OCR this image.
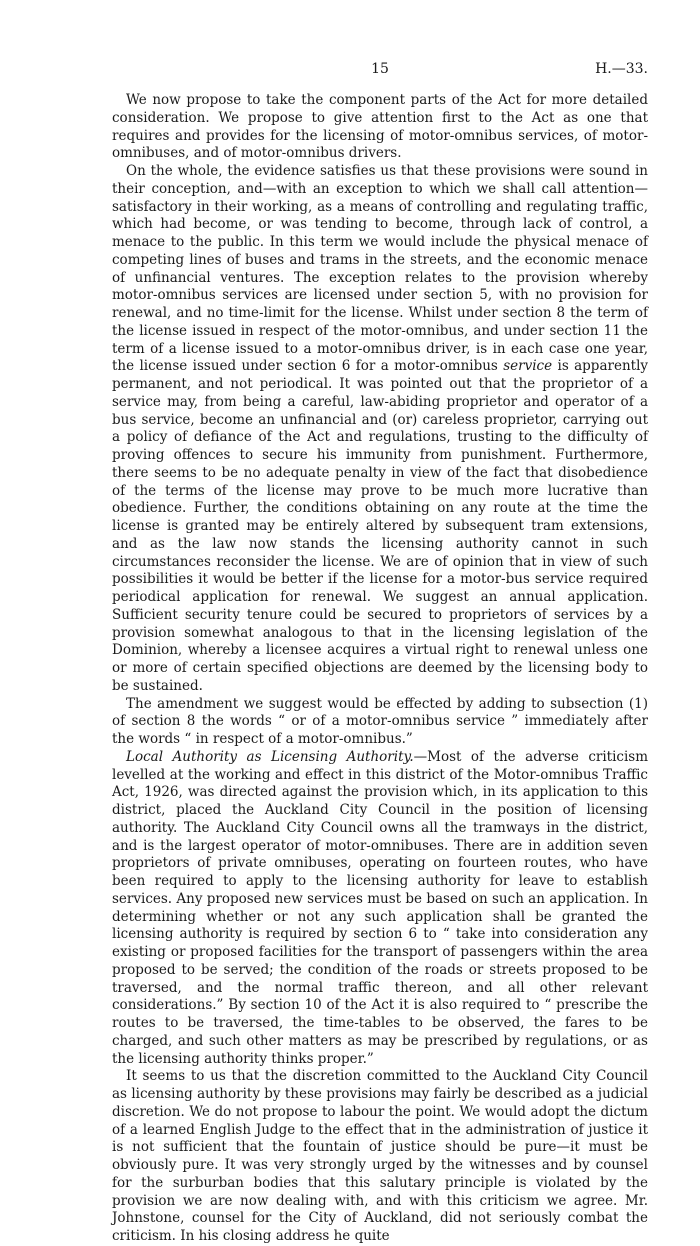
15	H.—33.

We now propose to take the component parts of the Act for more detailed consideration. We propose to give attention first to the Act as one that requires and provides for the licensing of motor-omnibus services, of motor-omnibuses, and of motor-omnibus drivers.

On the whole, the evidence satisfies us that these provisions were sound in their conception, and—with an exception to which we shall call attention—satisfactory in their working, as a means of controlling and regulating traffic, which had become, or was tending to become, through lack of control, a menace to the public. In this term we would include the physical menace of competing lines of buses and trams in the streets, and the economic menace of unfinancial ventures. The exception relates to the provision whereby motor-omnibus services are licensed under section 5, with no provision for renewal, and no time-limit for the license. Whilst under section 8 the term of the license issued in respect of the motor-omnibus, and under section 11 the term of a license issued to a motor-omnibus driver, is in each case one year, the license issued under section 6 for a motor-omnibus service is apparently permanent, and not periodical. It was pointed out that the proprietor of a service may, from being a careful, law-abiding proprietor and operator of a bus service, become an unfinancial and (or) careless proprietor, carrying out a policy of defiance of the Act and regulations, trusting to the difficulty of proving offences to secure his immunity from punishment. Furthermore, there seems to be no adequate penalty in view of the fact that disobedience of the terms of the license may prove to be much more lucrative than obedience. Further, the conditions obtaining on any route at the time the license is granted may be entirely altered by subsequent tram extensions, and as the law now stands the licensing authority cannot in such circumstances reconsider the license. We are of opinion that in view of such possibilities it would be better if the license for a motor-bus service required periodical application for renewal. We suggest an annual application. Sufficient security tenure could be secured to proprietors of services by a provision somewhat analogous to that in the licensing legislation of the Dominion, whereby a licensee acquires a virtual right to renewal unless one or more of certain specified objections are deemed by the licensing body to be sustained.

The amendment we suggest would be effected by adding to subsection (1) of section 8 the words “ or of a motor-omnibus service ” immediately after the words “ in respect of a motor-omnibus.”

Local Authority as Licensing Authority.—Most of the adverse criticism levelled at the working and effect in this district of the Motor-omnibus Traffic Act, 1926, was directed against the provision which, in its application to this district, placed the Auckland City Council in the position of licensing authority. The Auckland City Council owns all the tramways in the district, and is the largest operator of motor-omnibuses. There are in addition seven proprietors of private omnibuses, operating on fourteen routes, who have been required to apply to the licensing authority for leave to establish services. Any proposed new services must be based on such an application. In determining whether or not any such application shall be granted the licensing authority is required by section 6 to “ take into consideration any existing or proposed facilities for the transport of passengers within the area proposed to be served; the condition of the roads or streets proposed to be traversed, and the normal traffic thereon, and all other relevant considerations.” By section 10 of the Act it is also required to “ prescribe the routes to be traversed, the time-tables to be observed, the fares to be charged, and such other matters as may be prescribed by regulations, or as the licensing authority thinks proper.”

It seems to us that the discretion committed to the Auckland City Council as licensing authority by these provisions may fairly be described as a judicial discretion. We do not propose to labour the point. We would adopt the dictum of a learned English Judge to the effect that in the administration of justice it is not sufficient that the fountain of justice should be pure—it must be obviously pure. It was very strongly urged by the witnesses and by counsel for the surburban bodies that this salutary principle is violated by the provision we are now dealing with, and with this criticism we agree. Mr. Johnstone, counsel for the City of Auckland, did not seriously combat the criticism. In his closing address he quite
